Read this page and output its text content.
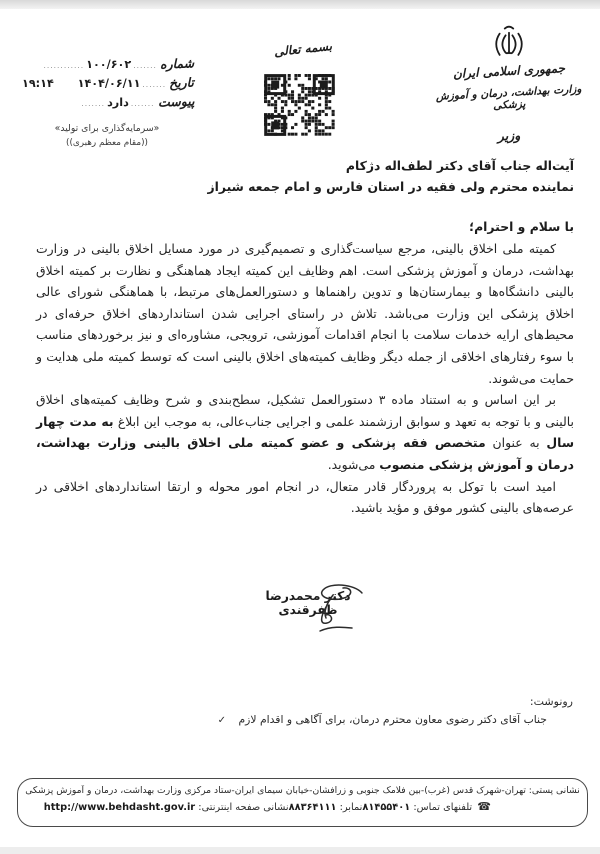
جمهوری اسلامی ایران
وزارت بهداشت، درمان و آموزش پزشکی
وزیر
بسمه تعالی
شماره
.......
۱۰۰/۶۰۲
............
تاریخ
.......
۱۴۰۴/۰۶/۱۱
۱۹:۱۴
پیوست
.......
دارد
.......
«سرمایه‌گذاری برای تولید»
((مقام معظم رهبری))
آیت‌اله جناب آقای دکتر لطف‌اله دژکام
نماینده محترم ولی فقیه در استان فارس و امام جمعه شیراز
با سلام و احترام؛

کمیته ملی اخلاق بالینی، مرجع سیاست‌گذاری و تصمیم‌گیری در مورد مسایل اخلاق بالینی در وزارت بهداشت، درمان و آموزش پزشکی است. اهم وظایف این کمیته ایجاد هماهنگی و نظارت بر کمیته اخلاق بالینی دانشگاه‌ها و بیمارستان‌ها و تدوین راهنماها و دستورالعمل‌های مرتبط، با هماهنگی شورای عالی اخلاق پزشکی این وزارت می‌باشد. تلاش در راستای اجرایی شدن استانداردهای اخلاق حرفه‌ای در محیط‌های ارایه خدمات سلامت با انجام اقدامات آموزشی، ترویجی، مشاوره‌ای و نیز برخوردهای مناسب با سوء رفتارهای اخلاقی از جمله دیگر وظایف کمیته‌های اخلاق بالینی است که توسط کمیته ملی هدایت و حمایت می‌شوند.

بر این اساس و به استناد ماده ۳ دستورالعمل تشکیل، سطح‌بندی و شرح وظایف کمیته‌های اخلاق بالینی و با توجه به تعهد و سوابق ارزشمند علمی و اجرایی جناب‌عالی، به موجب این ابلاغ به مدت چهار سال به عنوان متخصص فقه پزشکی و عضو کمیته ملی اخلاق بالینی وزارت بهداشت، درمان و آموزش پزشکی منصوب می‌شوید.

امید است با توکل به پروردگار قادر متعال، در انجام امور محوله و ارتقا استانداردهای اخلاقی در عرصه‌های بالینی کشور موفق و مؤید باشید.

دکتر محمدرضا ظفرقندی
رونوشت:
جناب آقای دکتر رضوی معاون محترم درمان، برای آگاهی و اقدام لازم ✓
نشانی پستی: تهران-شهرک قدس (غرب)-بین فلامک جنوبی و زرافشان-خیابان سیمای ایران-ستاد مرکزی وزارت بهداشت، درمان و آموزش پزشکی
☎ تلفنهای تماس: ۸۱۴۵۵۴۰۱
نمابر: ۸۸۳۶۴۱۱۱
نشانی صفحه اینترنتی: http://www.behdasht.gov.ir
